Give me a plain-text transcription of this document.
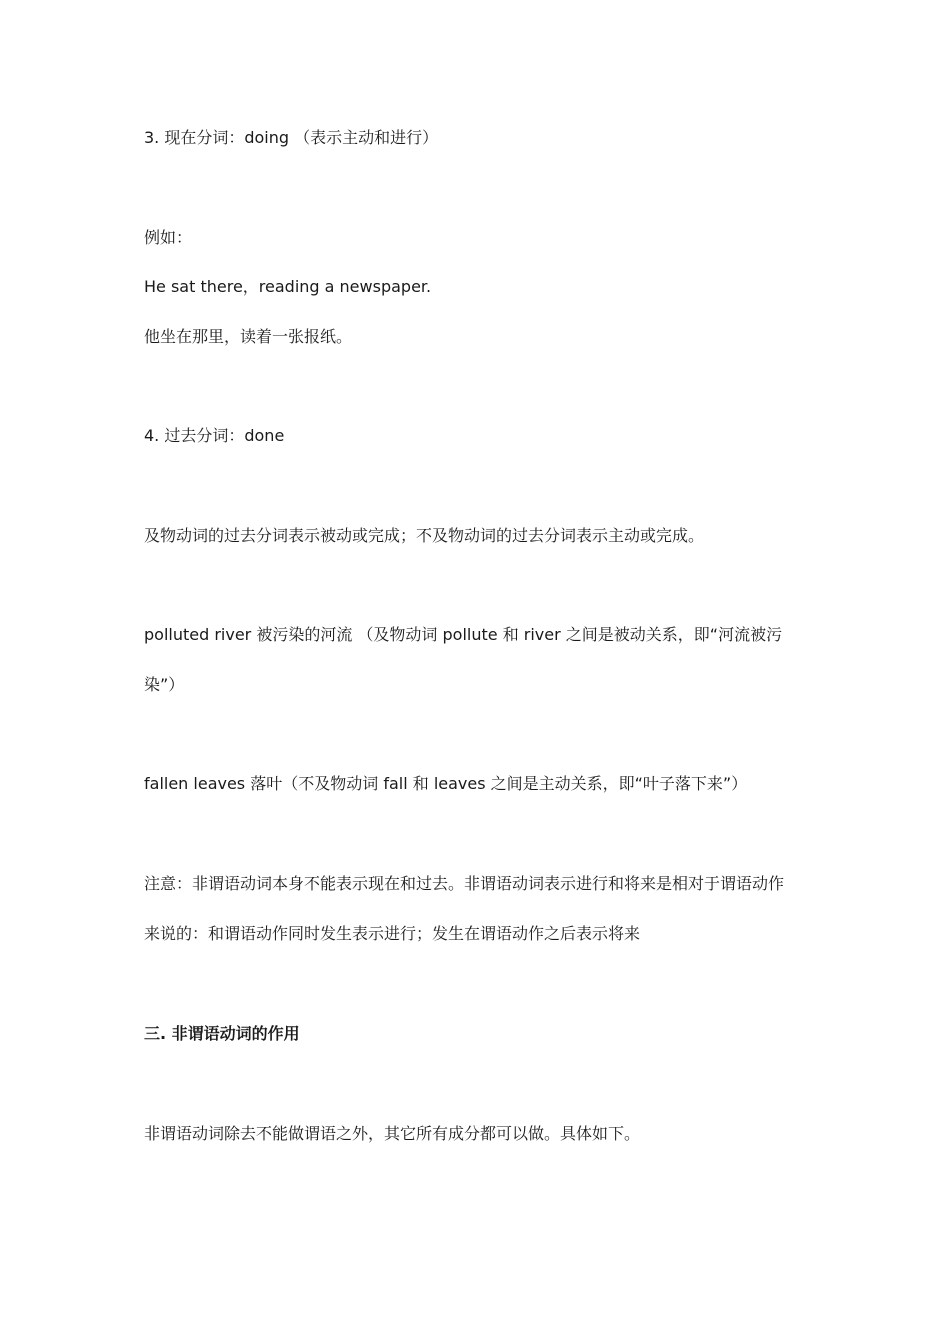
3. 现在分词：doing （表示主动和进行）
例如：
He sat there，reading a newspaper.
他坐在那里，读着一张报纸。
4. 过去分词：done
及物动词的过去分词表示被动或完成；不及物动词的过去分词表示主动或完成。
polluted river 被污染的河流 （及物动词 pollute 和 river 之间是被动关系，即“河流被污
染”）
fallen leaves 落叶（不及物动词 fall 和 leaves 之间是主动关系，即“叶子落下来”）
注意：非谓语动词本身不能表示现在和过去。非谓语动词表示进行和将来是相对于谓语动作
来说的：和谓语动作同时发生表示进行；发生在谓语动作之后表示将来
三. 非谓语动词的作用
非谓语动词除去不能做谓语之外，其它所有成分都可以做。具体如下。
